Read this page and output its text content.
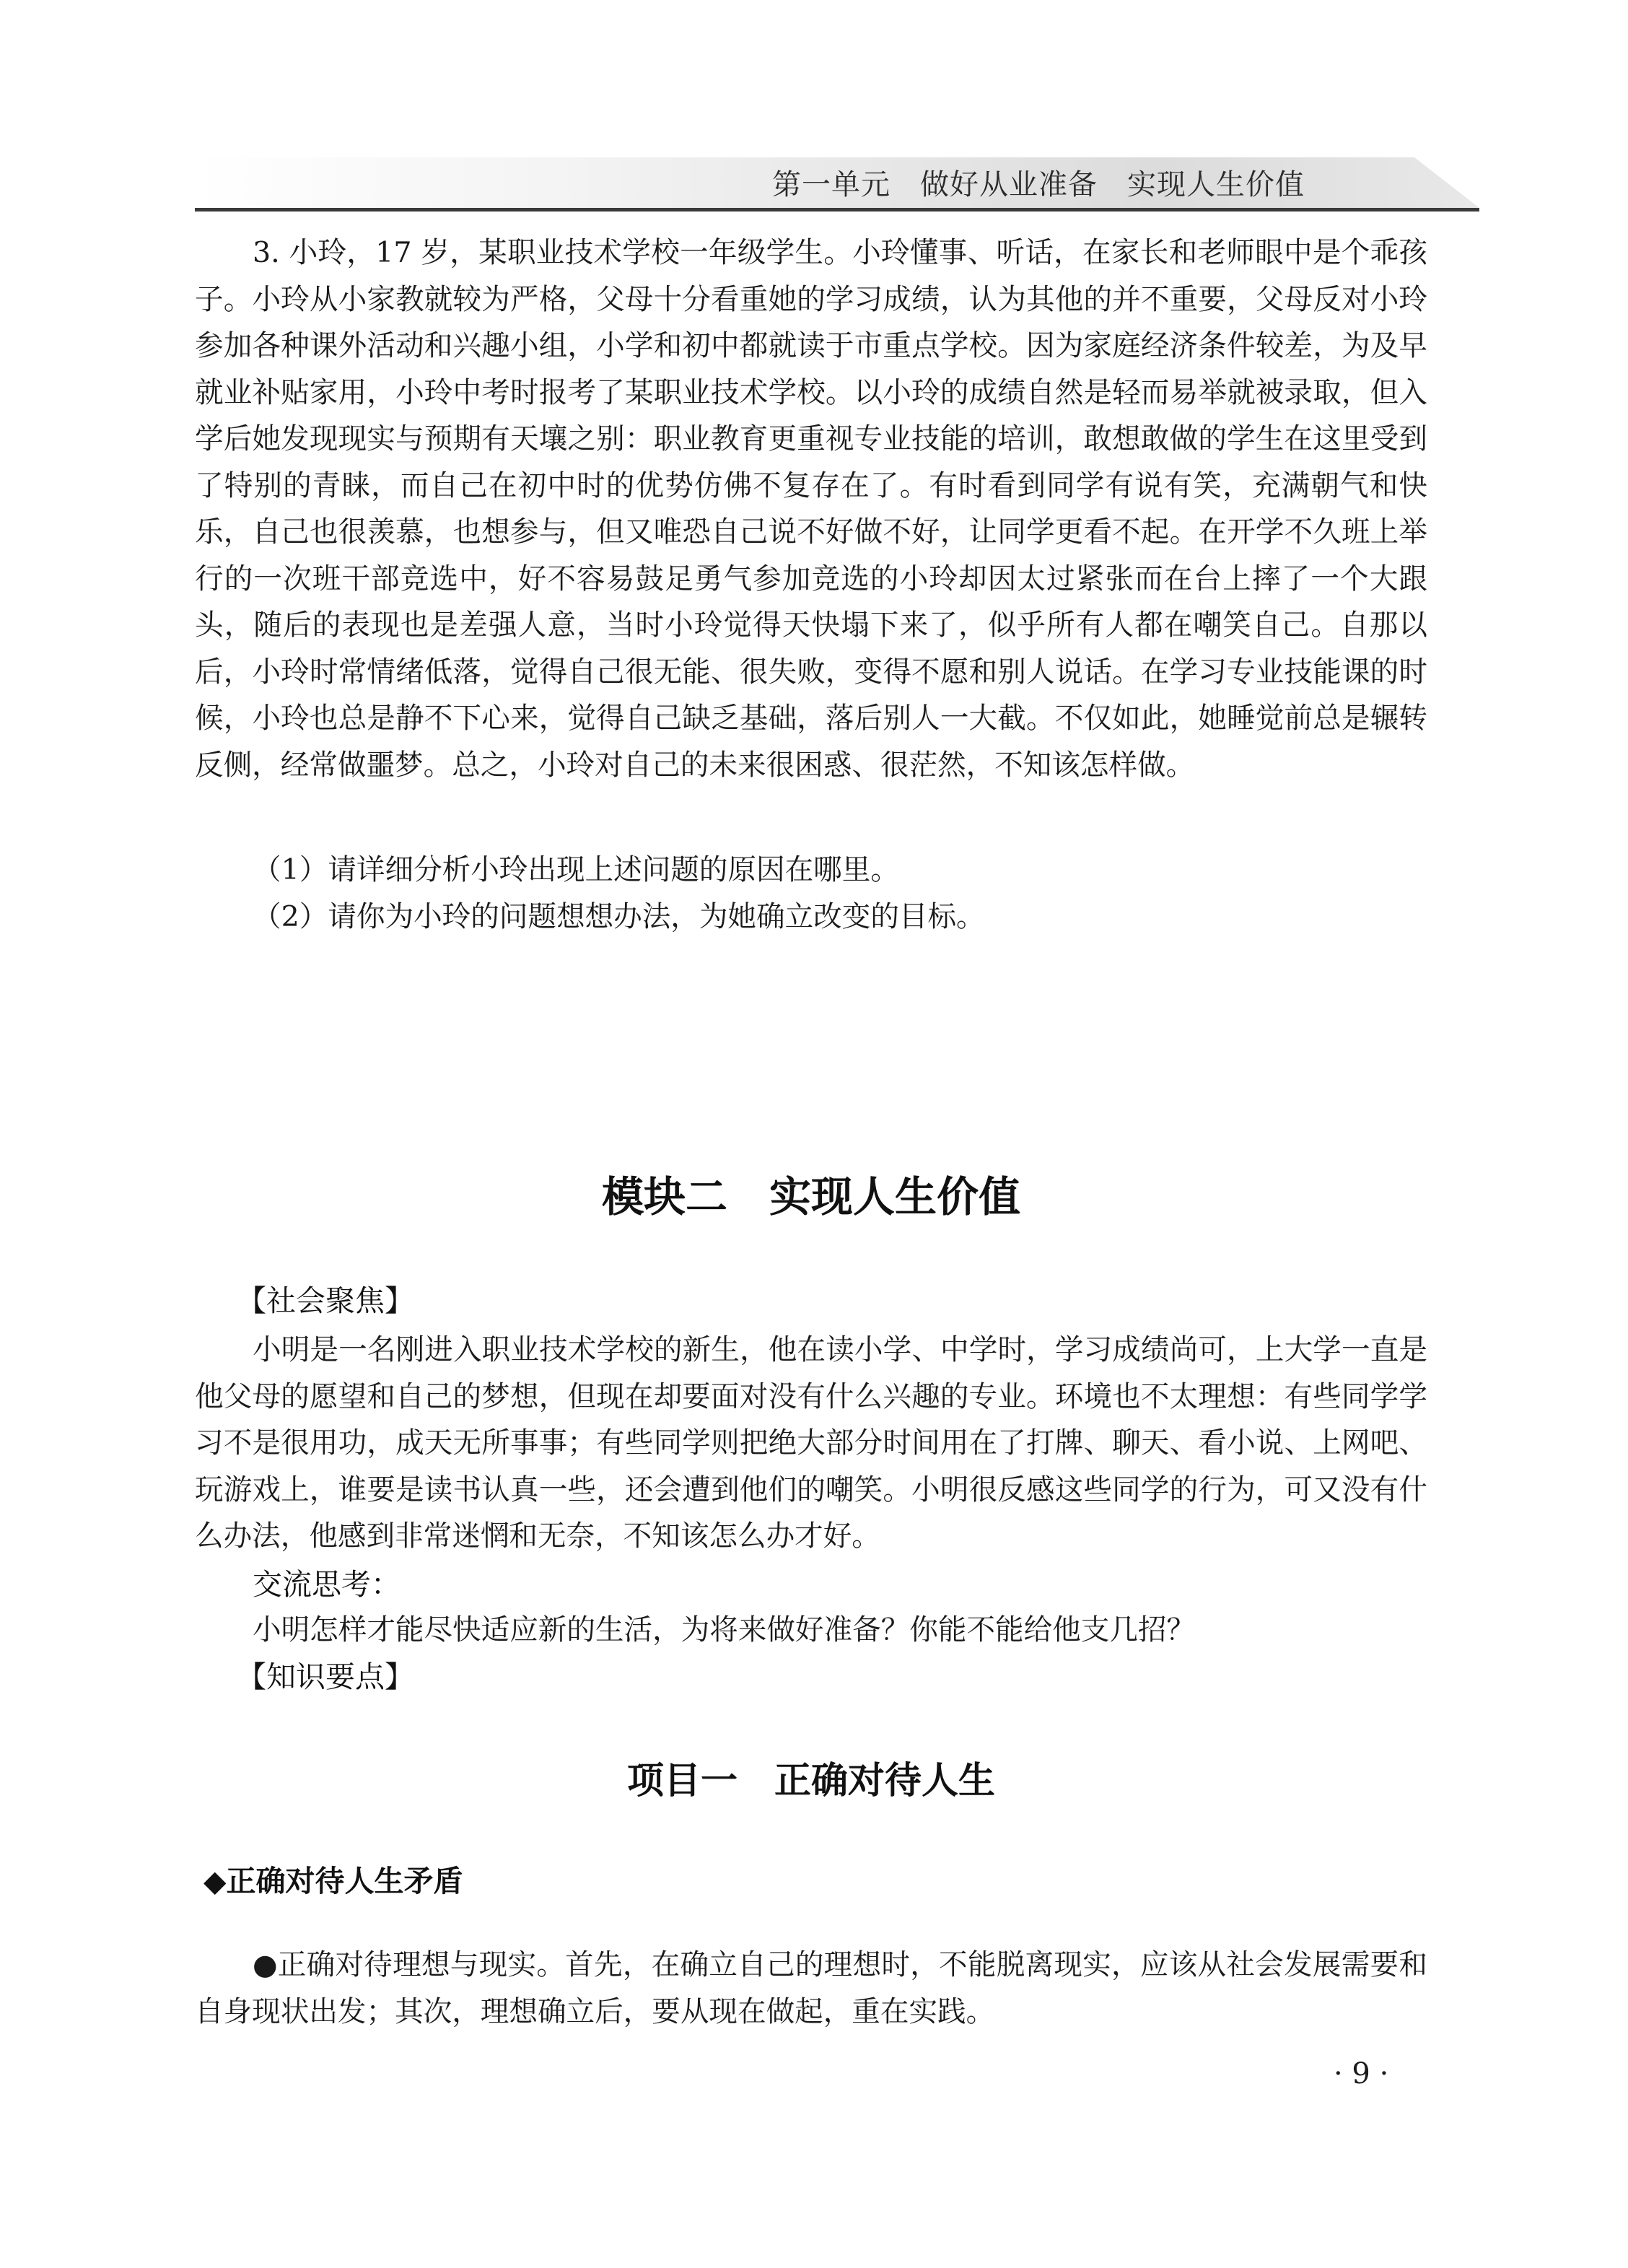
第一单元　做好从业准备　实现人生价值

3. 小玲，17 岁，某职业技术学校一年级学生。小玲懂事、听话，在家长和老师眼中是个乖孩子。小玲从小家教就较为严格，父母十分看重她的学习成绩，认为其他的并不重要，父母反对小玲参加各种课外活动和兴趣小组，小学和初中都就读于市重点学校。因为家庭经济条件较差，为及早就业补贴家用，小玲中考时报考了某职业技术学校。以小玲的成绩自然是轻而易举就被录取，但入学后她发现现实与预期有天壤之别：职业教育更重视专业技能的培训，敢想敢做的学生在这里受到了特别的青睐，而自己在初中时的优势仿佛不复存在了。有时看到同学有说有笑，充满朝气和快乐，自己也很羡慕，也想参与，但又唯恐自己说不好做不好，让同学更看不起。在开学不久班上举行的一次班干部竞选中，好不容易鼓足勇气参加竞选的小玲却因太过紧张而在台上摔了一个大跟头，随后的表现也是差强人意，当时小玲觉得天快塌下来了，似乎所有人都在嘲笑自己。自那以后，小玲时常情绪低落，觉得自己很无能、很失败，变得不愿和别人说话。在学习专业技能课的时候，小玲也总是静不下心来，觉得自己缺乏基础，落后别人一大截。不仅如此，她睡觉前总是辗转反侧，经常做噩梦。总之，小玲对自己的未来很困惑、很茫然，不知该怎样做。

（1）请详细分析小玲出现上述问题的原因在哪里。

（2）请你为小玲的问题想想办法，为她确立改变的目标。

模块二　实现人生价值

【社会聚焦】

小明是一名刚进入职业技术学校的新生，他在读小学、中学时，学习成绩尚可，上大学一直是他父母的愿望和自己的梦想，但现在却要面对没有什么兴趣的专业。环境也不太理想：有些同学学习不是很用功，成天无所事事；有些同学则把绝大部分时间用在了打牌、聊天、看小说、上网吧、玩游戏上，谁要是读书认真一些，还会遭到他们的嘲笑。小明很反感这些同学的行为，可又没有什么办法，他感到非常迷惘和无奈，不知该怎么办才好。

交流思考：

小明怎样才能尽快适应新的生活，为将来做好准备？你能不能给他支几招？

【知识要点】

项目一　正确对待人生
◆正确对待人生矛盾

●正确对待理想与现实。首先，在确立自己的理想时，不能脱离现实，应该从社会发展需要和自身现状出发；其次，理想确立后，要从现在做起，重在实践。

· 9 ·
